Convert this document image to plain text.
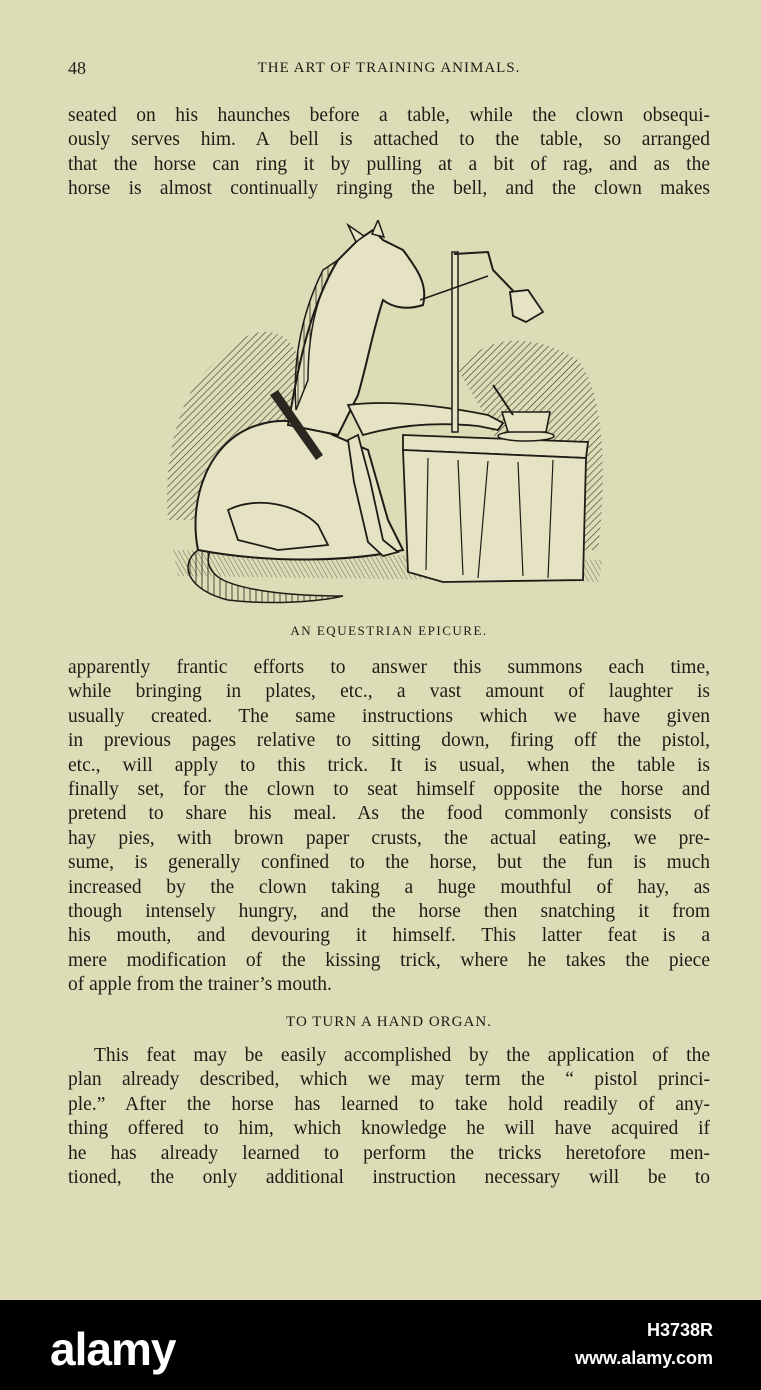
48	THE ART OF TRAINING ANIMALS.
seated on his haunches before a table, while the clown obsequi-
ously serves him. A bell is attached to the table, so arranged
that the horse can ring it by pulling at a bit of rag, and as the
horse is almost continually ringing the bell, and the clown makes
AN EQUESTRIAN EPICURE.
apparently frantic efforts to answer this summons each time,
while bringing in plates, etc., a vast amount of laughter is
usually created. The same instructions which we have given
in previous pages relative to sitting down, firing off the pistol,
etc., will apply to this trick. It is usual, when the table is
finally set, for the clown to seat himself opposite the horse and
pretend to share his meal. As the food commonly consists of
hay pies, with brown paper crusts, the actual eating, we pre-
sume, is generally confined to the horse, but the fun is much
increased by the clown taking a huge mouthful of hay, as
though intensely hungry, and the horse then snatching it from
his mouth, and devouring it himself. This latter feat is a
mere modification of the kissing trick, where he takes the piece
of apple from the trainer’s mouth.
TO TURN A HAND ORGAN.
This feat may be easily accomplished by the application of the
plan already described, which we may term the “ pistol princi-
ple.” After the horse has learned to take hold readily of any-
thing offered to him, which knowledge he will have acquired if
he has already learned to perform the tricks heretofore men-
tioned, the only additional instruction necessary will be to
alamy	H3738R
www.alamy.com
